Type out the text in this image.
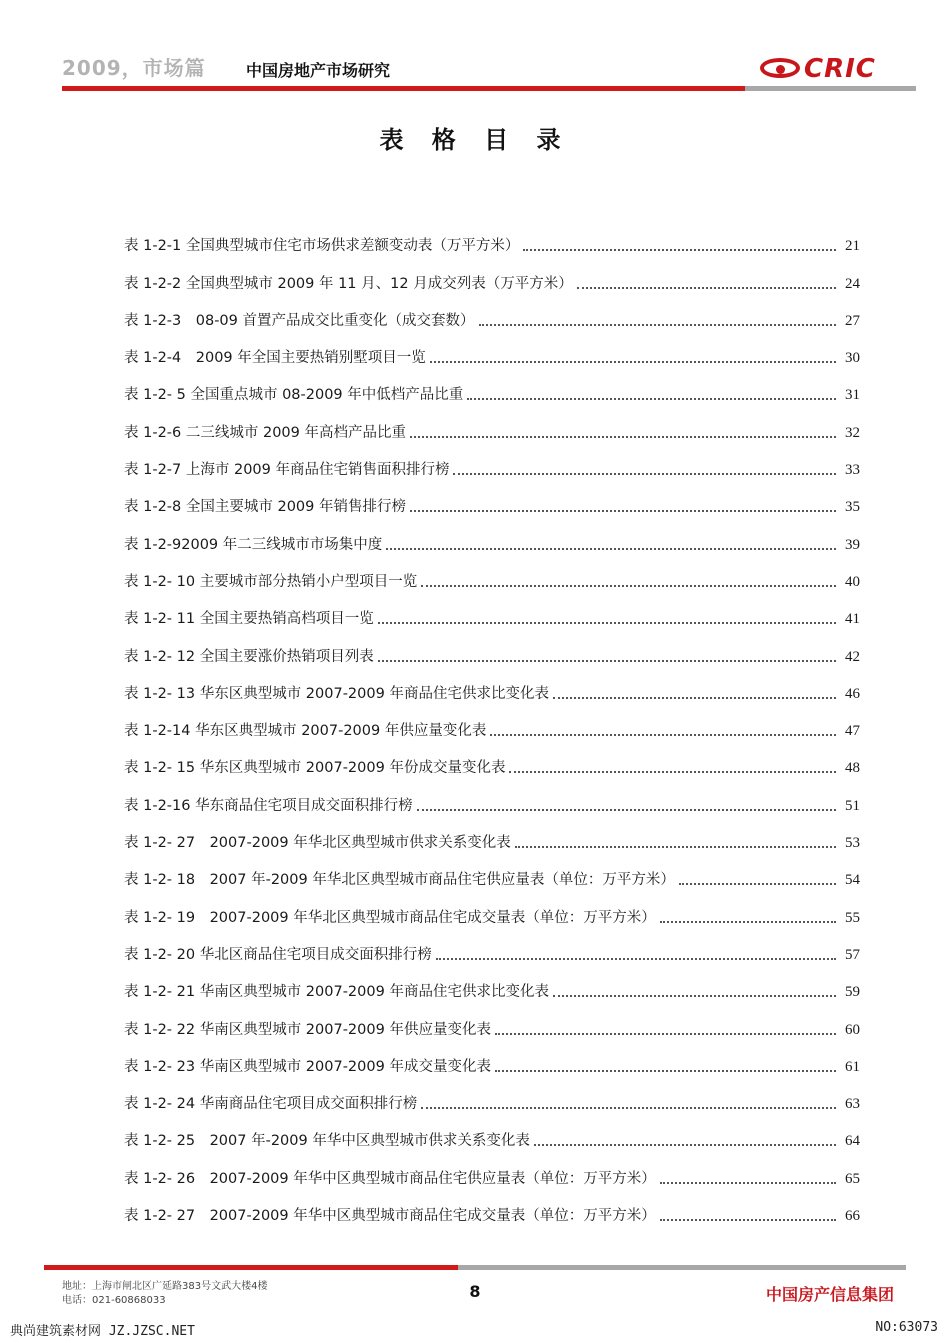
2009，市场篇	中国房地产市场研究	CRIC
表 格 目 录
表 1-2-1 全国典型城市住宅市场供求差额变动表（万平方米）	21
表 1-2-2 全国典型城市 2009 年 11 月、12 月成交列表（万平方米）	24
表 1-2-3　08-09 首置产品成交比重变化（成交套数）	27
表 1-2-4　2009 年全国主要热销别墅项目一览	30
表 1-2- 5 全国重点城市 08-2009 年中低档产品比重	31
表 1-2-6 二三线城市 2009 年高档产品比重	32
表 1-2-7 上海市 2009 年商品住宅销售面积排行榜	33
表 1-2-8 全国主要城市 2009 年销售排行榜	35
表 1-2-92009 年二三线城市市场集中度	39
表 1-2- 10 主要城市部分热销小户型项目一览	40
表 1-2- 11 全国主要热销高档项目一览	41
表 1-2- 12 全国主要涨价热销项目列表	42
表 1-2- 13 华东区典型城市 2007-2009 年商品住宅供求比变化表	46
表 1-2-14 华东区典型城市 2007-2009 年供应量变化表	47
表 1-2- 15 华东区典型城市 2007-2009 年份成交量变化表	48
表 1-2-16 华东商品住宅项目成交面积排行榜	51
表 1-2- 27　2007-2009 年华北区典型城市供求关系变化表	53
表 1-2- 18　2007 年-2009 年华北区典型城市商品住宅供应量表（单位：万平方米）	54
表 1-2- 19　2007-2009 年华北区典型城市商品住宅成交量表（单位：万平方米）	55
表 1-2- 20 华北区商品住宅项目成交面积排行榜	57
表 1-2- 21 华南区典型城市 2007-2009 年商品住宅供求比变化表	59
表 1-2- 22 华南区典型城市 2007-2009 年供应量变化表	60
表 1-2- 23 华南区典型城市 2007-2009 年成交量变化表	61
表 1-2- 24 华南商品住宅项目成交面积排行榜	63
表 1-2- 25　2007 年-2009 年华中区典型城市供求关系变化表	64
表 1-2- 26　2007-2009 年华中区典型城市商品住宅供应量表（单位：万平方米）	65
表 1-2- 27　2007-2009 年华中区典型城市商品住宅成交量表（单位：万平方米）	66
地址：上海市闸北区广延路383号文武大楼4楼
电话：021-60868033	8	中国房产信息集团
典尚建筑素材网 JZ.JZSC.NET	NO:63073
